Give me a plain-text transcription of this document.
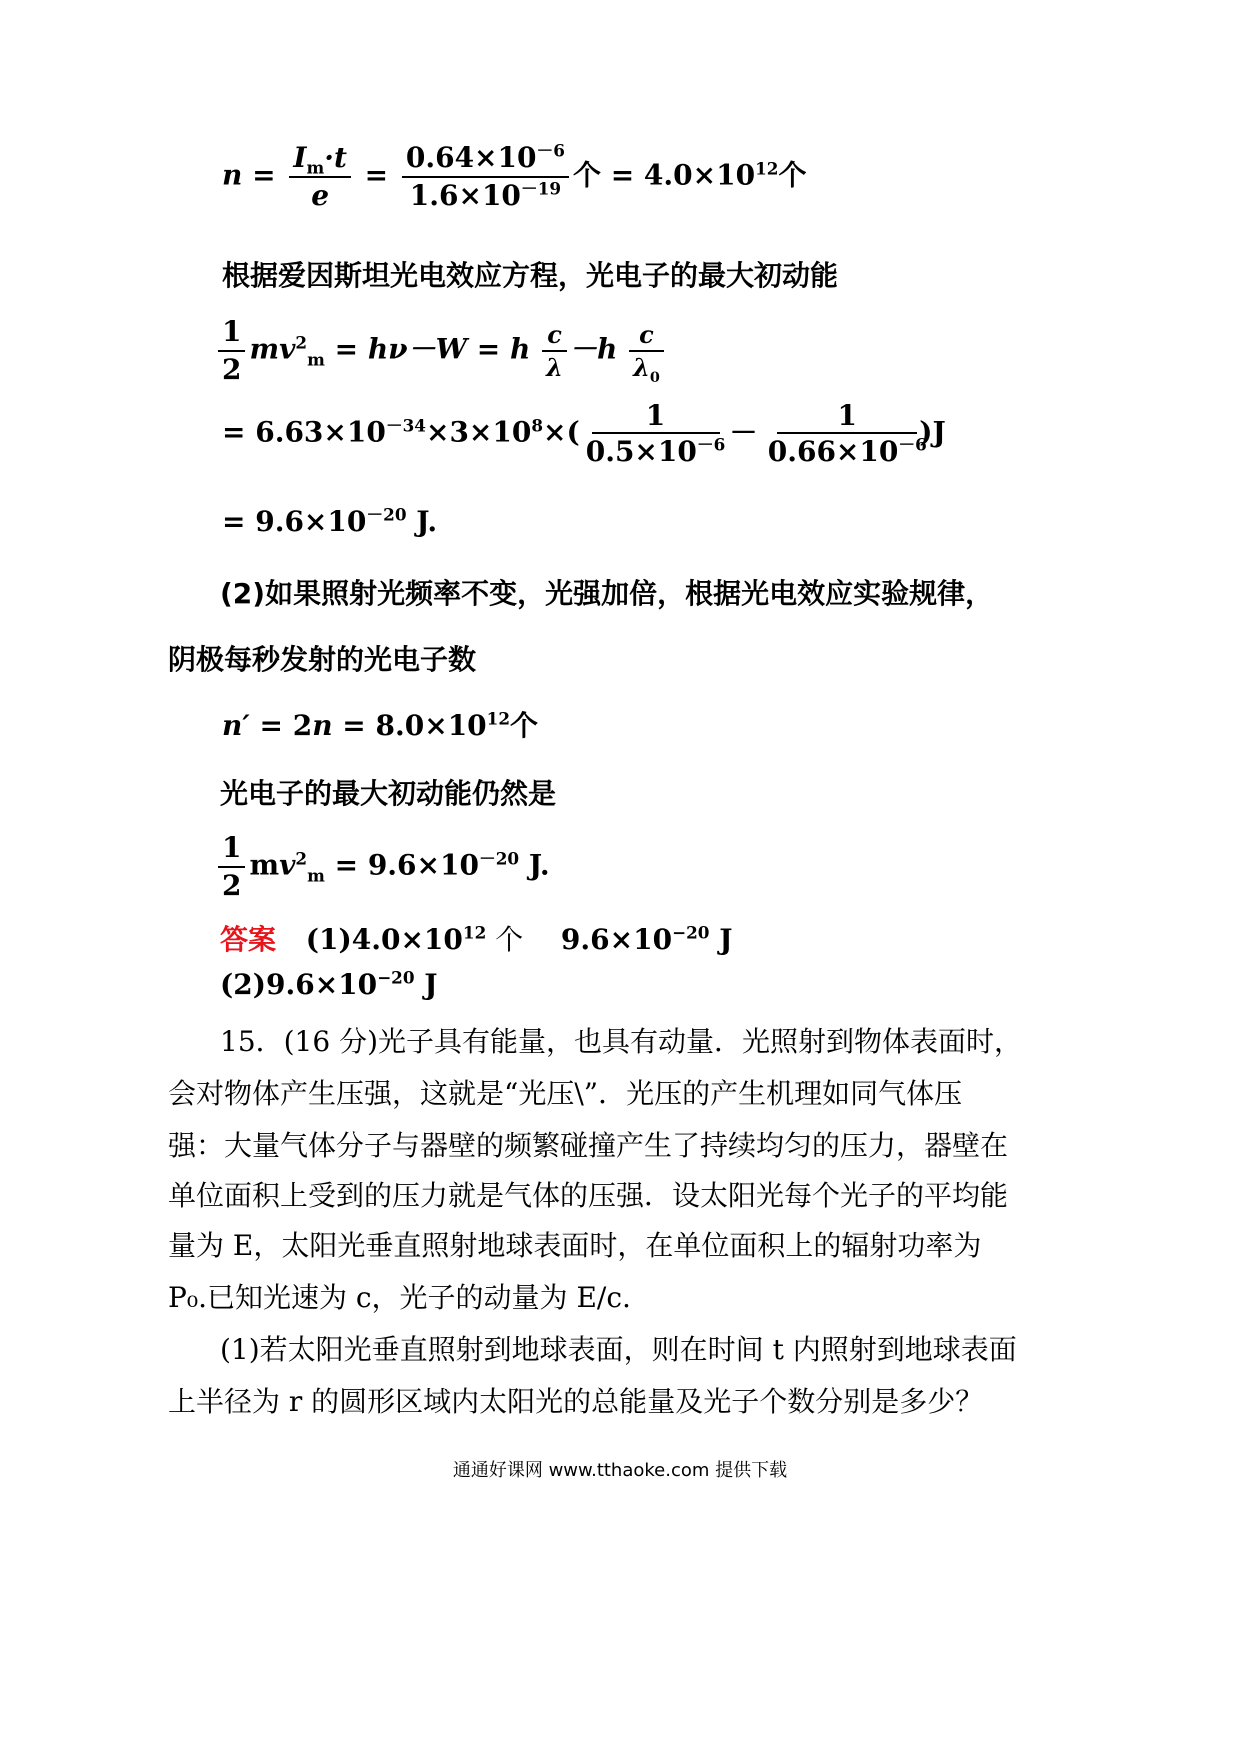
$n = \frac{I_m\cdot t}{e} = \frac{0.64\times 10^{-6}}{1.6\times 10^{-19}}$ 个 = $4.0\times 10^{12}$个
根据爱因斯坦光电效应方程，光电子的最大初动能
$\frac{1}{2} mv^2_m = h\nu-W = h \frac{c}{\lambda} -h \frac{c}{\lambda_0}$
= $6.63\times 10^{-34}\times 3\times 10^8\times( \frac{1}{0.5\times 10^{-6}} - \frac{1}{0.66\times 10^{-6}} )J$
= $9.6\times 10^{-20}$ J.
(2)如果照射光频率不变，光强加倍，根据光电效应实验规律，
阴极每秒发射的光电子数
$n' = 2n = 8.0\times 10^{12}$个
光电子的最大初动能仍然是
$\frac{1}{2} mv^2_m = 9.6\times 10^{-20}$ J.
答案 $(1)4.0\times 10^{12}$ 个 $9.6\times 10^{-20}$ J
$(2)9.6\times 10^{-20}$ J
15．(16 分)光子具有能量，也具有动量．光照射到物体表面时，
会对物体产生压强，这就是“光压\”．光压的产生机理如同气体压
强：大量气体分子与器壁的频繁碰撞产生了持续均匀的压力，器壁在
单位面积上受到的压力就是气体的压强．设太阳光每个光子的平均能
量为 E，太阳光垂直照射地球表面时，在单位面积上的辐射功率为
P₀.已知光速为 c，光子的动量为 E/c.
(1)若太阳光垂直照射到地球表面，则在时间 t 内照射到地球表面
上半径为 r 的圆形区域内太阳光的总能量及光子个数分别是多少？
通通好课网 www.tthaoke.com 提供下载
